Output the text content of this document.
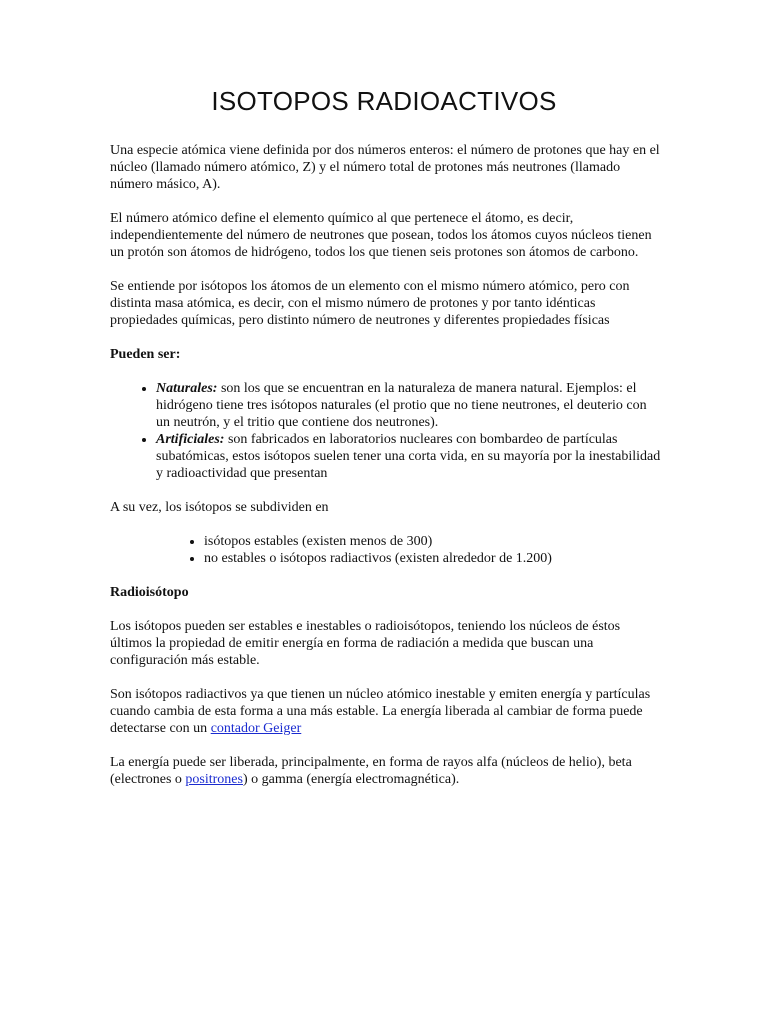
ISOTOPOS RADIOACTIVOS

Una especie atómica viene definida por dos números enteros: el número de protones que hay en el núcleo (llamado número atómico, Z) y el número total de protones más neutrones (llamado número másico, A).

El número atómico define el elemento químico al que pertenece el átomo, es decir, independientemente del número de neutrones que posean, todos los átomos cuyos núcleos tienen un protón son átomos de hidrógeno, todos los que tienen seis protones son átomos de carbono.

Se entiende por isótopos los átomos de un elemento con el mismo número atómico, pero con distinta masa atómica, es decir, con el mismo número de protones y por tanto idénticas propiedades químicas, pero distinto número de neutrones y diferentes propiedades físicas

Pueden ser:

• Naturales: son los que se encuentran en la naturaleza de manera natural. Ejemplos: el hidrógeno tiene tres isótopos naturales (el protio que no tiene neutrones, el deuterio con un neutrón, y el tritio que contiene dos neutrones).
• Artificiales: son fabricados en laboratorios nucleares con bombardeo de partículas subatómicas, estos isótopos suelen tener una corta vida, en su mayoría por la inestabilidad y radioactividad que presentan

A su vez, los isótopos se subdividen en

• isótopos estables (existen menos de 300)
• no estables o isótopos radiactivos (existen alrededor de 1.200)

Radioisótopo

Los isótopos pueden ser estables e inestables o radioisótopos, teniendo los núcleos de éstos últimos la propiedad de emitir energía en forma de radiación a medida que buscan una configuración más estable.

Son isótopos radiactivos ya que tienen un núcleo atómico inestable y emiten energía y partículas cuando cambia de esta forma a una más estable. La energía liberada al cambiar de forma puede detectarse con un contador Geiger

La energía puede ser liberada, principalmente, en forma de rayos alfa (núcleos de helio), beta (electrones o positrones) o gamma (energía electromagnética).
